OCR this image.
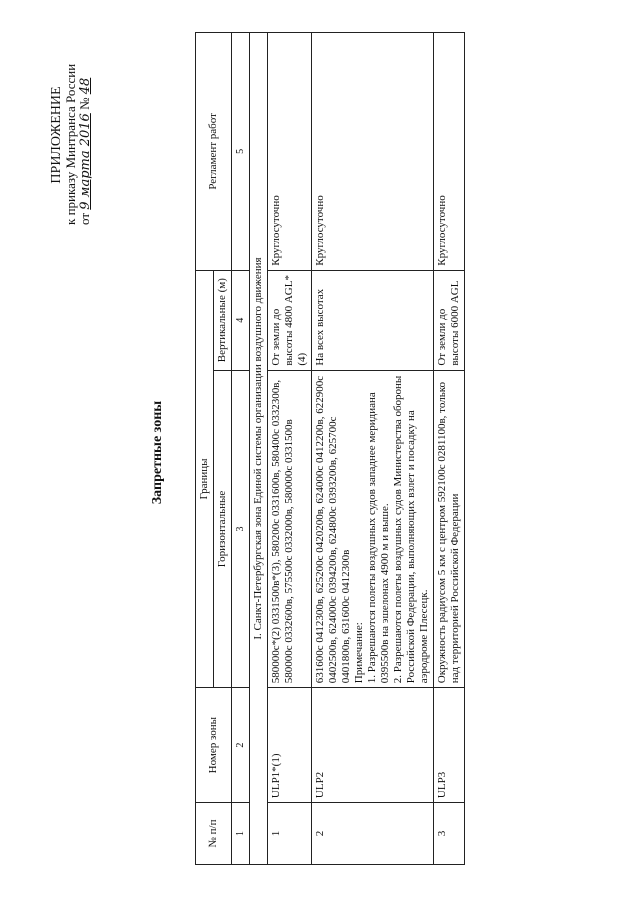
ПРИЛОЖЕНИЕ к приказу Минтранса России от 9 марта 2016 № 48
Запретные зоны
№ п/п	Номер зоны	Границы		Регламент работ
		Горизонтальные	Вертикальные (м)	
1	2	3	4	5
I. Санкт-Петербургская зона Единой системы организации воздушного движения				
1	ULP1*(1)	580000с*(2) 0331500в*(3), 580200с 0331600в, 580400с 0332300в, 580000с 0332600в, 575500с 0332000в, 580000с 0331500в	От земли до высоты 4800 AGL*(4)	Круглосуточно
2	ULP2	631600с 0412300в, 625200с 0420200в, 624000с 0412200в, 622900с 0402500в, 624000с 0394200в, 624800с 0393200в, 625700с 0401800в, 631600с 0412300в Примечание: 1. Разрешаются полеты воздушных судов западнее меридиана 0395500в на эшелонах 4900 м и выше. 2. Разрешаются полеты воздушных судов Министерства обороны Российской Федерации, выполняющих взлет и посадку на аэродроме Плесецк.	На всех высотах	Круглосуточно
3	ULP3	Окружность радиусом 5 км с центром 592100с 0281100в, только над территорией Российской Федерации	От земли до высоты 6000 AGL	Круглосуточно
